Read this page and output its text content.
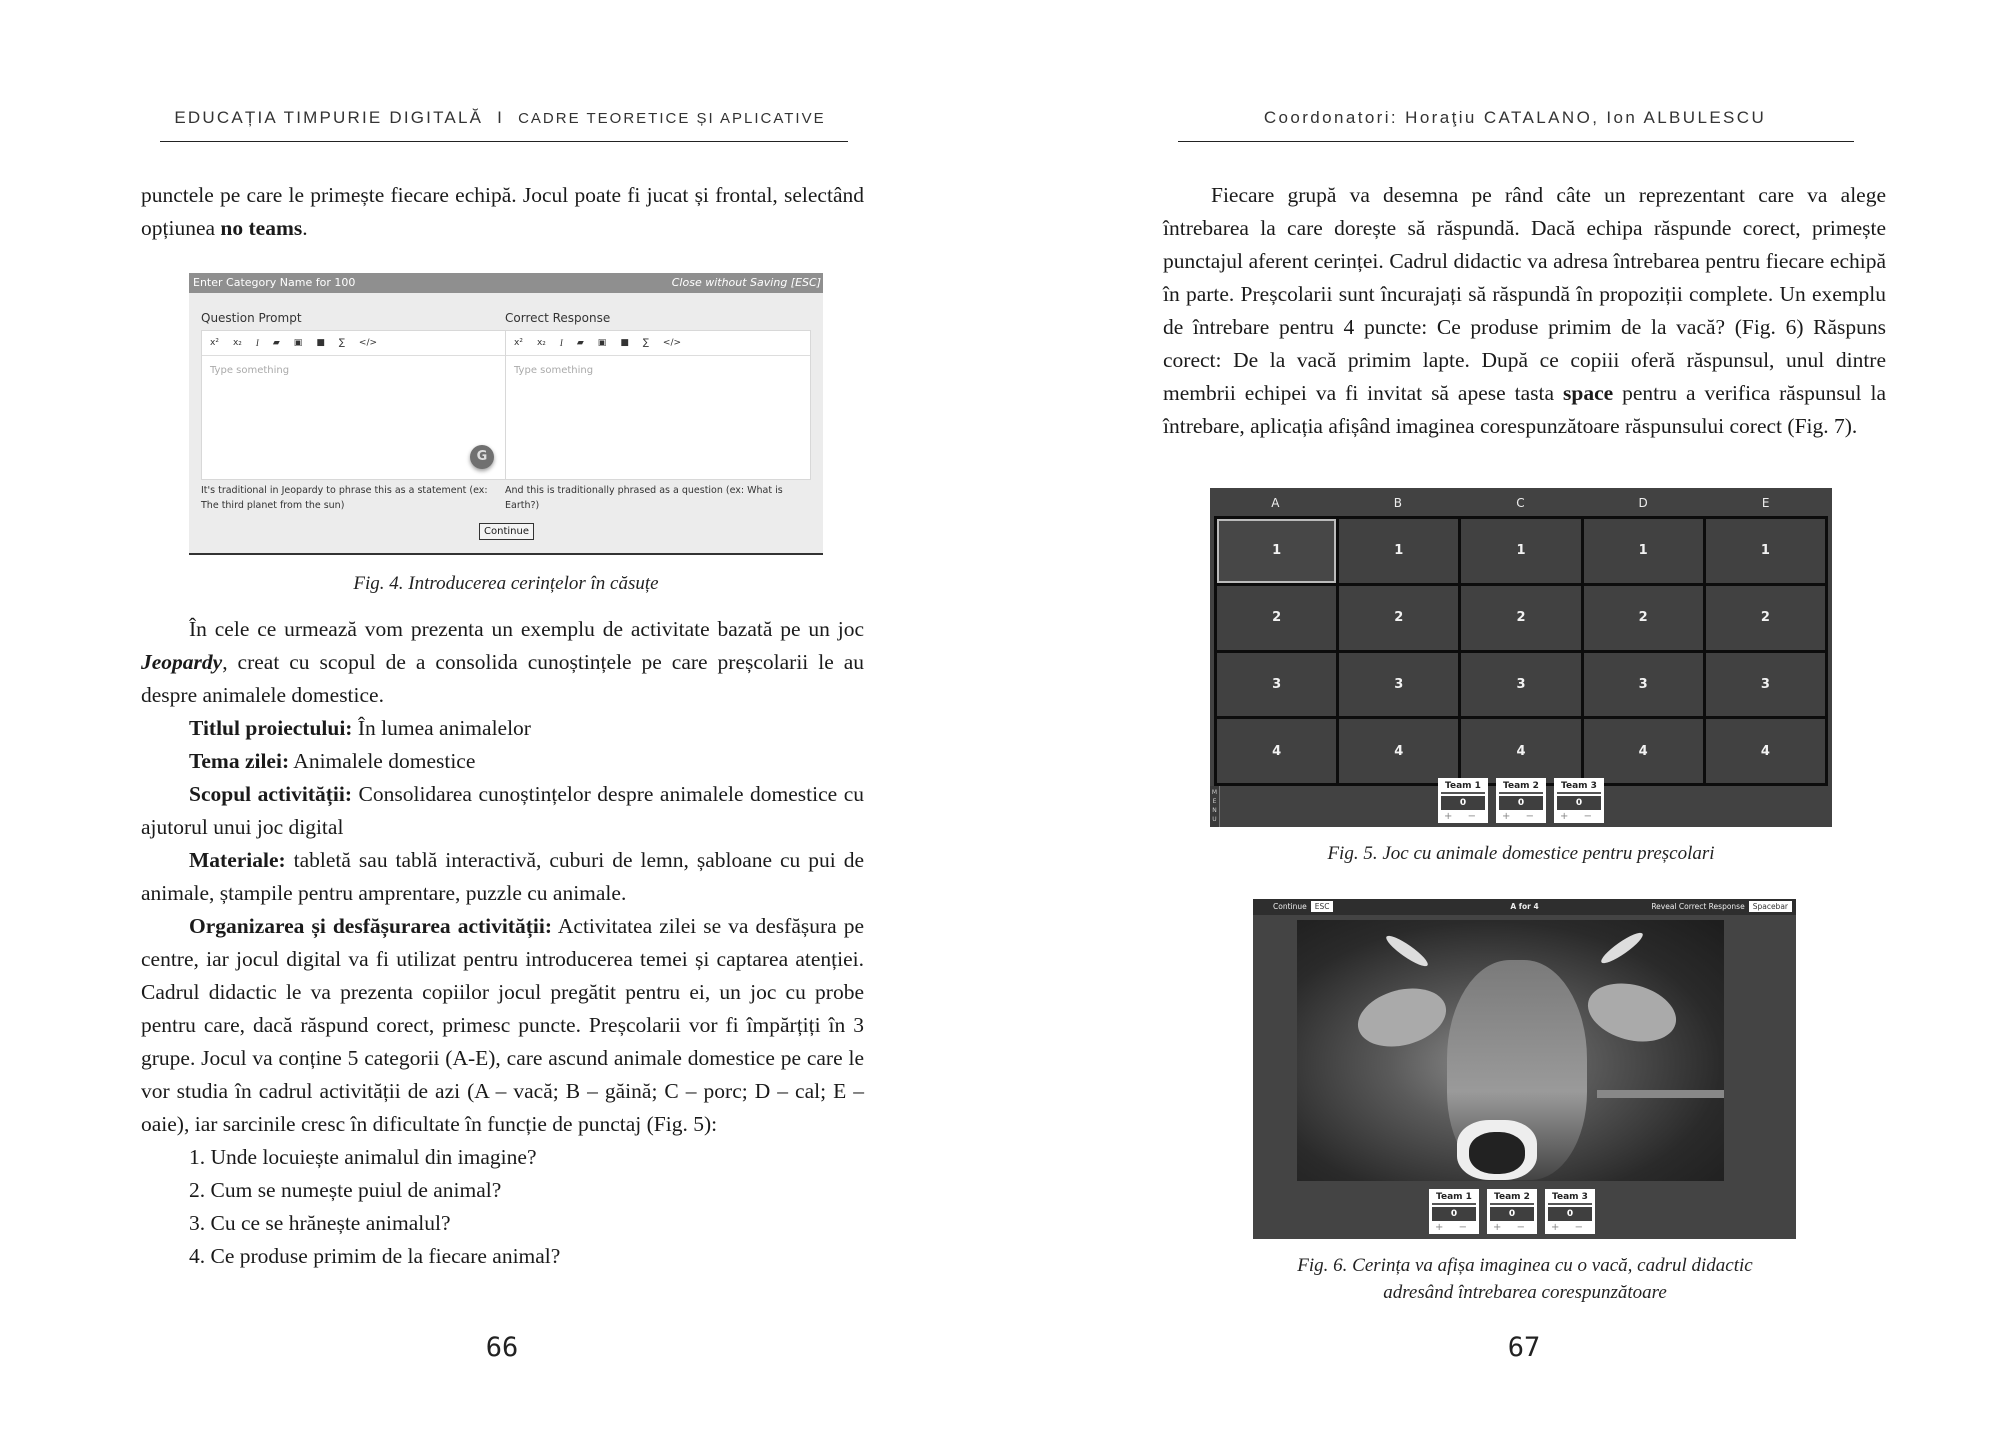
EDUCAȚIA TIMPURIE DIGITALĂ I CADRE TEORETICE ȘI APLICATIVE

punctele pe care le primește fiecare echipă. Jocul poate fi jucat și frontal, selectând opțiunea no teams.

Enter Category Name for 100	Close without Saving [ESC]
Question Prompt
x² x₂ I ▰ ▣ ■ ∑ </>
Type something
G
It's traditional in Jeopardy to phrase this as a statement (ex: The third planet from the sun)
Correct Response
x² x₂ I ▰ ▣ ■ ∑ </>
Type something
And this is traditionally phrased as a question (ex: What is Earth?)
Continue
Fig. 4. Introducerea cerințelor în căsuțe

În cele ce urmează vom prezenta un exemplu de activitate bazată pe un joc Jeopardy, creat cu scopul de a consolida cunoștințele pe care preșcolarii le au despre animalele domestice.

Titlul proiectului: În lumea animalelor

Tema zilei: Animalele domestice

Scopul activității: Consolidarea cunoștințelor despre animalele domestice cu ajutorul unui joc digital

Materiale: tabletă sau tablă interactivă, cuburi de lemn, șabloane cu pui de animale, ștampile pentru amprentare, puzzle cu animale.

Organizarea și desfășurarea activității: Activitatea zilei se va desfășura pe centre, iar jocul digital va fi utilizat pentru introducerea temei și captarea atenției. Cadrul didactic le va prezenta copiilor jocul pregătit pentru ei, un joc cu probe pentru care, dacă răspund corect, primesc puncte. Preșcolarii vor fi împărțiți în 3 grupe. Jocul va conține 5 categorii (A-E), care ascund animale domestice pe care le vor studia în cadrul activității de azi (A – vacă; B – găină; C – porc; D – cal; E – oaie), iar sarcinile cresc în dificultate în funcție de punctaj (Fig. 5):

1. Unde locuiește animalul din imagine?

2. Cum se numește puiul de animal?

3. Cu ce se hrănește animalul?

4. Ce produse primim de la fiecare animal?

66
Coordonatori: Horaţiu CATALANO, Ion ALBULESCU

Fiecare grupă va desemna pe rând câte un reprezentant care va alege întrebarea la care dorește să răspundă. Dacă echipa răspunde corect, primește punctajul aferent cerinței. Cadrul didactic va adresa întrebarea pentru fiecare echipă în parte. Preșcolarii sunt încurajați să răspundă în propoziții complete. Un exemplu de întrebare pentru 4 puncte: Ce produse primim de la vacă? (Fig. 6) Răspuns corect: De la vacă primim lapte. După ce copiii oferă răspunsul, unul dintre membrii echipei va fi invitat să apese tasta space pentru a verifica răspunsul la întrebare, aplicația afișând imaginea corespunzătoare răspunsului corect (Fig. 7).

A	B	C	D	E
1	1	1	1	1
2	2	2	2	2
3	3	3	3	3
4	4	4	4	4
M
E
N
U
Team 1
0
+ −
Team 2
0
+ −
Team 3
0
+ −
Fig. 5. Joc cu animale domestice pentru preșcolari
Continue ESC	A for 4	Reveal Correct Response Spacebar
Team 1
0
+ −
Team 2
0
+ −
Team 3
0
+ −
Fig. 6. Cerința va afișa imaginea cu o vacă, cadrul didactic
adresând întrebarea corespunzătoare
67
